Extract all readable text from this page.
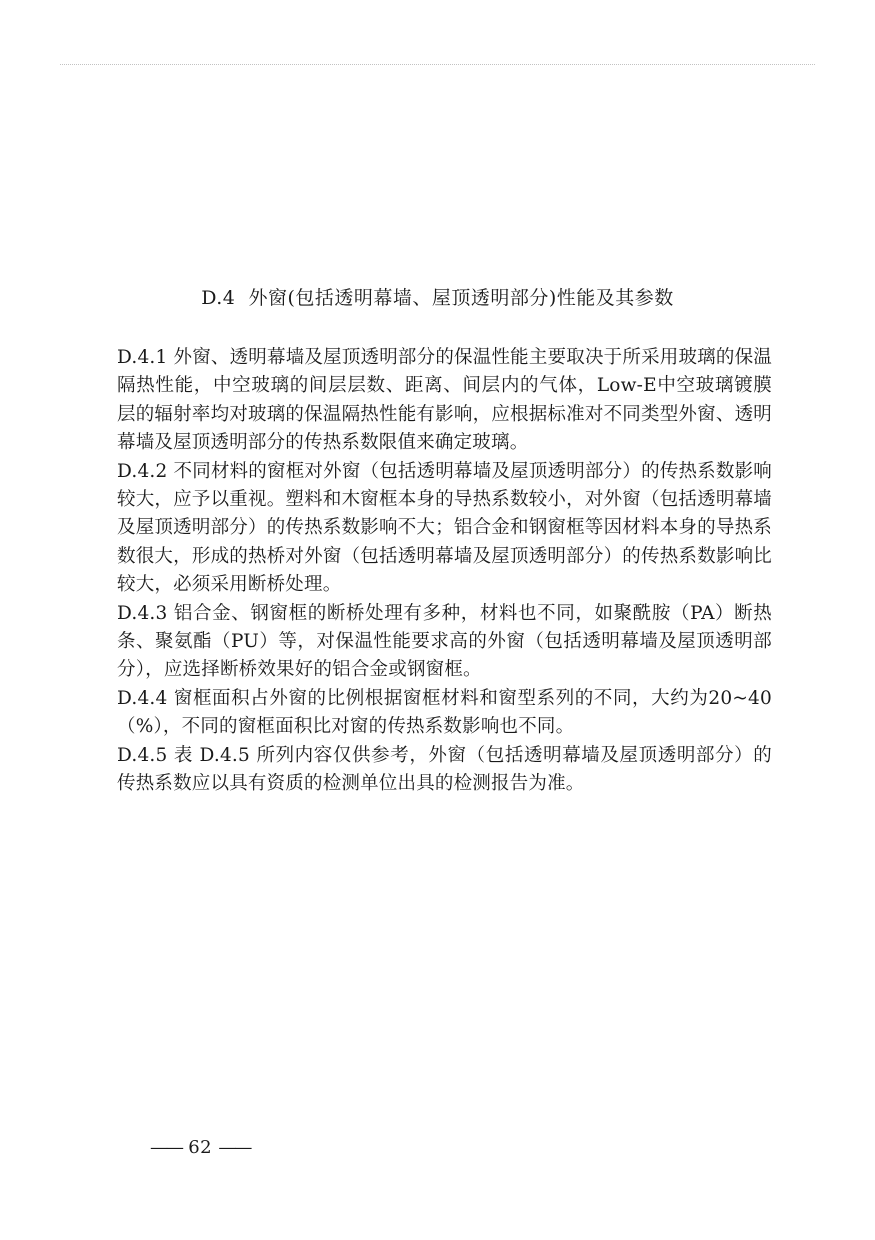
D.4 外窗(包括透明幕墙、屋顶透明部分)性能及其参数

D.4.1 外窗、透明幕墙及屋顶透明部分的保温性能主要取决于所采用玻璃的保温隔热性能，中空玻璃的间层层数、距离、间层内的气体，Low-E中空玻璃镀膜层的辐射率均对玻璃的保温隔热性能有影响，应根据标准对不同类型外窗、透明幕墙及屋顶透明部分的传热系数限值来确定玻璃。

D.4.2 不同材料的窗框对外窗（包括透明幕墙及屋顶透明部分）的传热系数影响较大，应予以重视。塑料和木窗框本身的导热系数较小，对外窗（包括透明幕墙及屋顶透明部分）的传热系数影响不大；铝合金和钢窗框等因材料本身的导热系数很大，形成的热桥对外窗（包括透明幕墙及屋顶透明部分）的传热系数影响比较大，必须采用断桥处理。

D.4.3 铝合金、钢窗框的断桥处理有多种，材料也不同，如聚酰胺（PA）断热条、聚氨酯（PU）等，对保温性能要求高的外窗（包括透明幕墙及屋顶透明部分），应选择断桥效果好的铝合金或钢窗框。

D.4.4 窗框面积占外窗的比例根据窗框材料和窗型系列的不同，大约为20~40（%），不同的窗框面积比对窗的传热系数影响也不同。

D.4.5 表 D.4.5 所列内容仅供参考，外窗（包括透明幕墙及屋顶透明部分）的传热系数应以具有资质的检测单位出具的检测报告为准。

—— 62 ——
